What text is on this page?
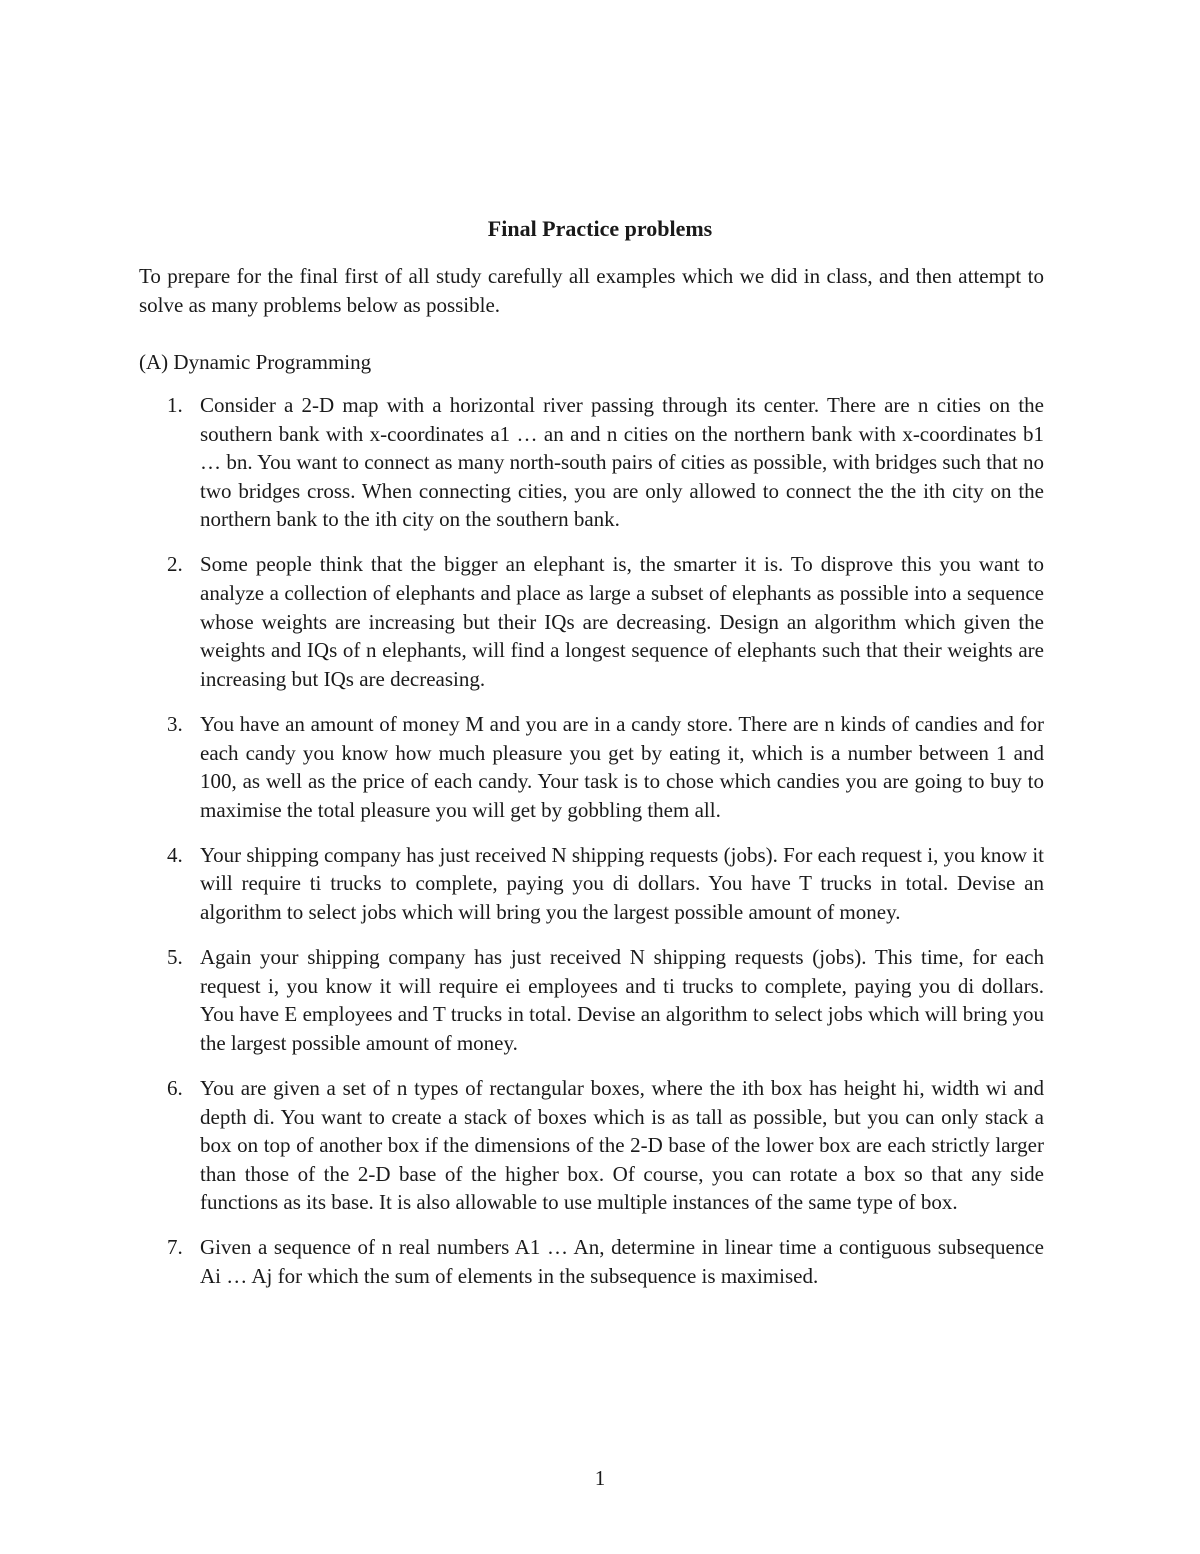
Final Practice problems

To prepare for the final first of all study carefully all examples which we did in class, and then attempt to solve as many problems below as possible.

(A) Dynamic Programming

1. Consider a 2-D map with a horizontal river passing through its center. There are n cities on the southern bank with x-coordinates a1 … an and n cities on the northern bank with x-coordinates b1 … bn. You want to connect as many north-south pairs of cities as possible, with bridges such that no two bridges cross. When connecting cities, you are only allowed to connect the the ith city on the northern bank to the ith city on the southern bank.
2. Some people think that the bigger an elephant is, the smarter it is. To disprove this you want to analyze a collection of elephants and place as large a subset of elephants as possible into a sequence whose weights are increasing but their IQs are decreasing. Design an algorithm which given the weights and IQs of n elephants, will find a longest sequence of elephants such that their weights are increasing but IQs are decreasing.
3. You have an amount of money M and you are in a candy store. There are n kinds of candies and for each candy you know how much pleasure you get by eating it, which is a number between 1 and 100, as well as the price of each candy. Your task is to chose which candies you are going to buy to maximise the total pleasure you will get by gobbling them all.
4. Your shipping company has just received N shipping requests (jobs). For each request i, you know it will require ti trucks to complete, paying you di dollars. You have T trucks in total. Devise an algorithm to select jobs which will bring you the largest possible amount of money.
5. Again your shipping company has just received N shipping requests (jobs). This time, for each request i, you know it will require ei employees and ti trucks to complete, paying you di dollars. You have E employees and T trucks in total. Devise an algorithm to select jobs which will bring you the largest possible amount of money.
6. You are given a set of n types of rectangular boxes, where the ith box has height hi, width wi and depth di. You want to create a stack of boxes which is as tall as possible, but you can only stack a box on top of another box if the dimensions of the 2-D base of the lower box are each strictly larger than those of the 2-D base of the higher box. Of course, you can rotate a box so that any side functions as its base. It is also allowable to use multiple instances of the same type of box.
7. Given a sequence of n real numbers A1 … An, determine in linear time a contiguous subsequence Ai … Aj for which the sum of elements in the subsequence is maximised.
1
